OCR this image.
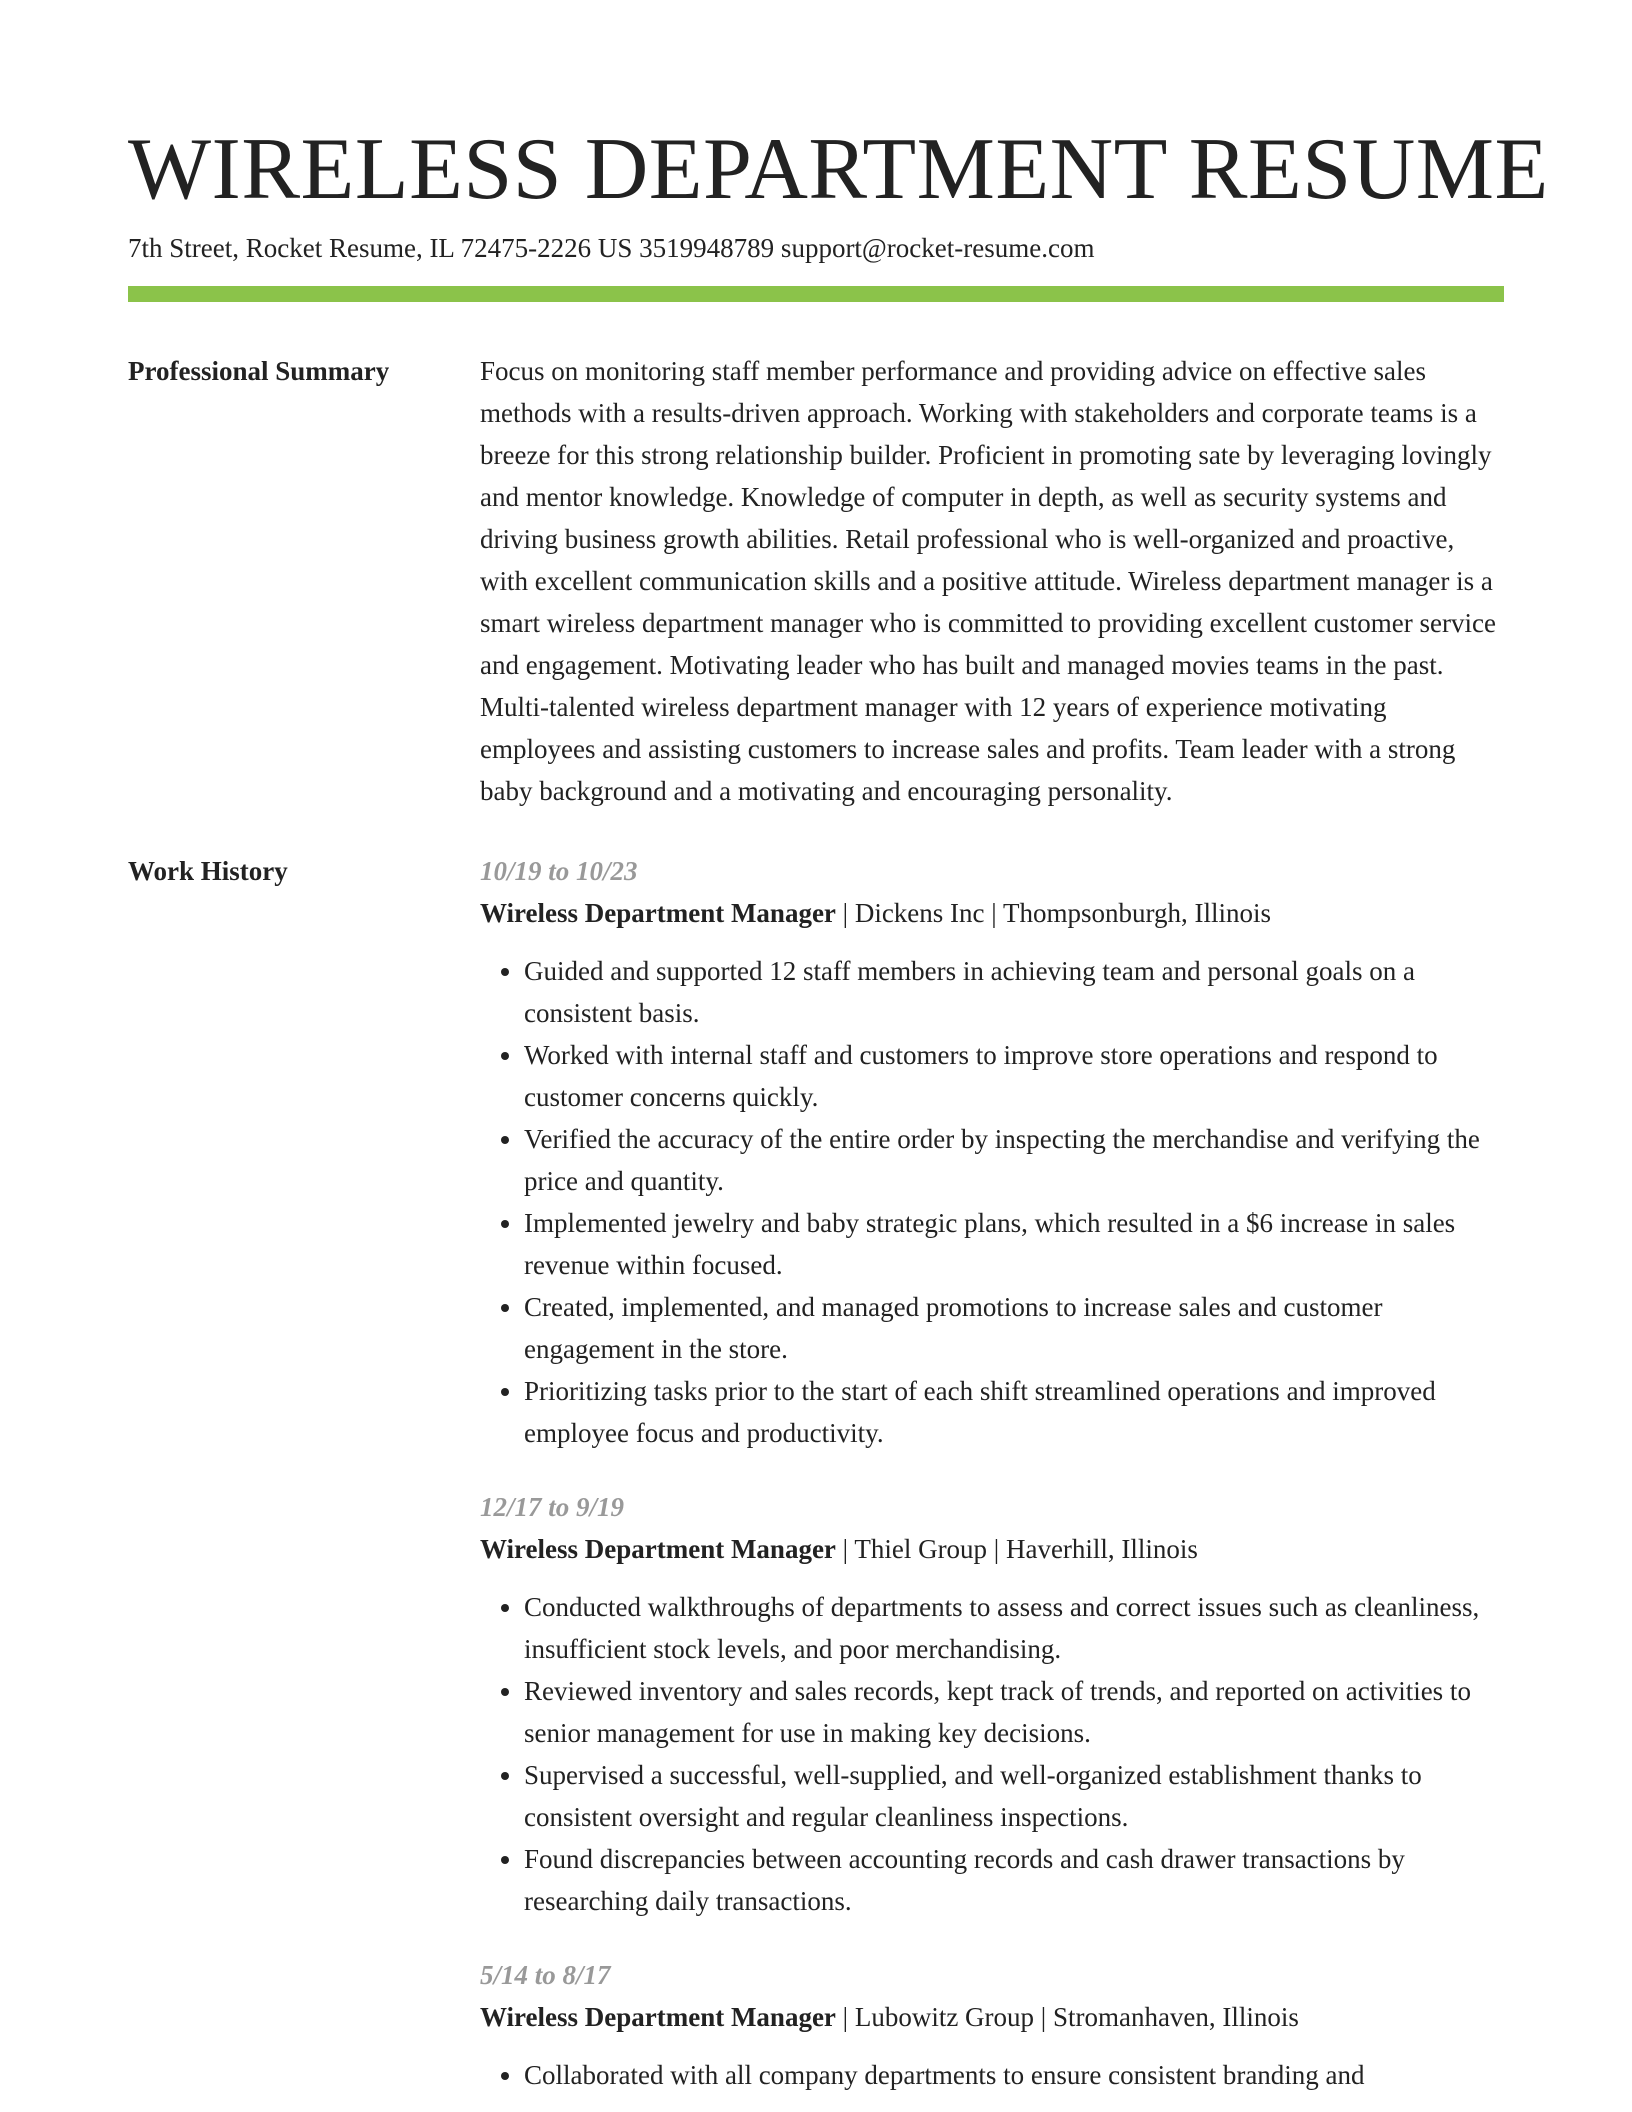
WIRELESS DEPARTMENT RESUME
7th Street, Rocket Resume, IL 72475-2226 US 3519948789 support@rocket-resume.com
Professional Summary	Focus on monitoring staff member performance and providing advice on effective sales methods with a results-driven approach. Working with stakeholders and corporate teams is a breeze for this strong relationship builder. Proficient in promoting sate by leveraging lovingly and mentor knowledge. Knowledge of computer in depth, as well as security systems and driving business growth abilities. Retail professional who is well-organized and proactive, with excellent communication skills and a positive attitude. Wireless department manager is a smart wireless department manager who is committed to providing excellent customer service and engagement. Motivating leader who has built and managed movies teams in the past. Multi-talented wireless department manager with 12 years of experience motivating employees and assisting customers to increase sales and profits. Team leader with a strong baby background and a motivating and encouraging personality.

Work History	10/19 to 10/23
Wireless Department Manager | Dickens Inc | Thompsonburgh, Illinois
• Guided and supported 12 staff members in achieving team and personal goals on a consistent basis.
• Worked with internal staff and customers to improve store operations and respond to customer concerns quickly.
• Verified the accuracy of the entire order by inspecting the merchandise and verifying the price and quantity.
• Implemented jewelry and baby strategic plans, which resulted in a $6 increase in sales revenue within focused.
• Created, implemented, and managed promotions to increase sales and customer engagement in the store.
• Prioritizing tasks prior to the start of each shift streamlined operations and improved employee focus and productivity.
12/17 to 9/19
Wireless Department Manager | Thiel Group | Haverhill, Illinois
• Conducted walkthroughs of departments to assess and correct issues such as cleanliness, insufficient stock levels, and poor merchandising.
• Reviewed inventory and sales records, kept track of trends, and reported on activities to senior management for use in making key decisions.
• Supervised a successful, well-supplied, and well-organized establishment thanks to consistent oversight and regular cleanliness inspections.
• Found discrepancies between accounting records and cash drawer transactions by researching daily transactions.
5/14 to 8/17
Wireless Department Manager | Lubowitz Group | Stromanhaven, Illinois
• Collaborated with all company departments to ensure consistent branding and
